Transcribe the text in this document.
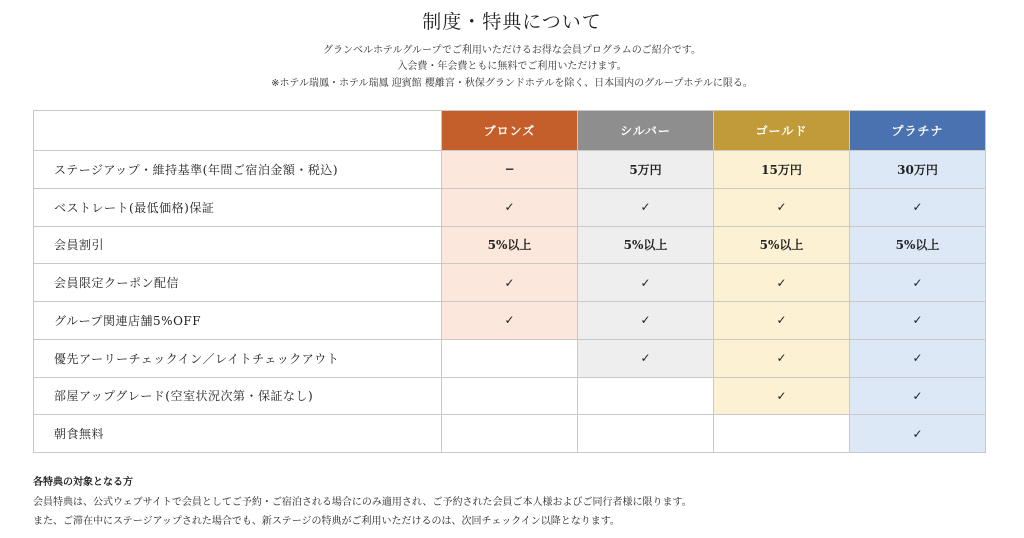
制度・特典について
グランベルホテルグループでご利用いただけるお得な会員プログラムのご紹介です。
入会費・年会費ともに無料でご利用いただけます。
※ホテル瑞鳳・ホテル瑞鳳 迎賓館 櫻離宮・秋保グランドホテルを除く、日本国内のグループホテルに限る。
	ブロンズ	シルバー	ゴールド	プラチナ
ステージアップ・維持基準(年間ご宿泊金額・税込)	−	5万円	15万円	30万円
ベストレート(最低価格)保証	✓	✓	✓	✓
会員割引	5%以上	5%以上	5%以上	5%以上
会員限定クーポン配信	✓	✓	✓	✓
グループ関連店舗5%OFF	✓	✓	✓	✓
優先アーリーチェックイン／レイトチェックアウト		✓	✓	✓
部屋アップグレード(空室状況次第・保証なし)			✓	✓
朝食無料				✓
各特典の対象となる方
会員特典は、公式ウェブサイトで会員としてご予約・ご宿泊される場合にのみ適用され、ご予約された会員ご本人様およびご同行者様に限ります。
また、ご滞在中にステージアップされた場合でも、新ステージの特典がご利用いただけるのは、次回チェックイン以降となります。
